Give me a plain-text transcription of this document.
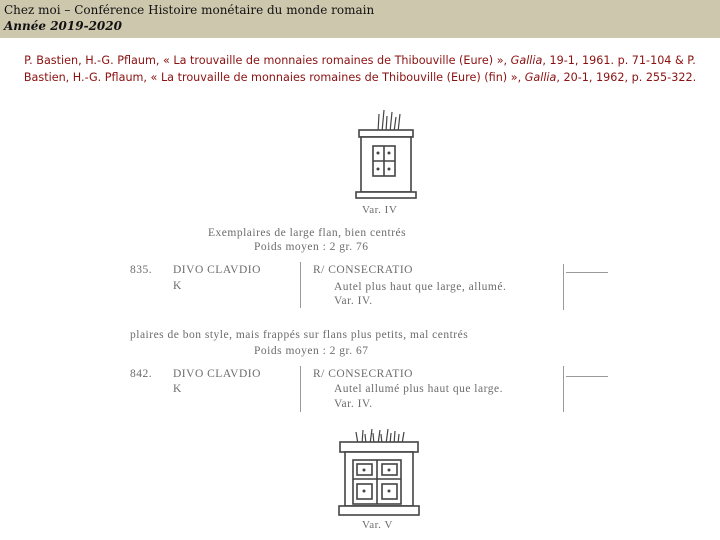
Chez moi – Conférence Histoire monétaire du monde romain
Année 2019-2020
P. Bastien, H.-G. Pflaum, « La trouvaille de monnaies romaines de Thibouville (Eure) », Gallia, 19-1, 1961. p. 71-104 & P. Bastien, H.-G. Pflaum, « La trouvaille de monnaies romaines de Thibouville (Eure) (fin) », Gallia, 20-1, 1962, p. 255-322.
Var. IV
Exemplaires de large flan, bien centrés
Poids moyen : 2 gr. 76
835. DIVO CLAVDIO
K
R/ CONSECRATIO
Autel plus haut que large, allumé.
Var. IV.
plaires de bon style, mais frappés sur flans plus petits, mal centrés
Poids moyen : 2 gr. 67
842. DIVO CLAVDIO
K
R/ CONSECRATIO
Autel allumé plus haut que large.
Var. IV.
Var. V
